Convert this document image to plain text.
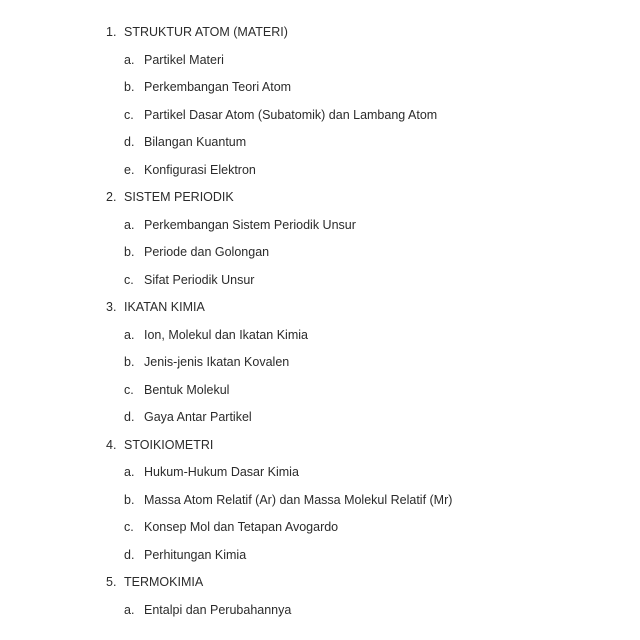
1. STRUKTUR ATOM (MATERI)
a. Partikel Materi
b. Perkembangan Teori Atom
c. Partikel Dasar Atom (Subatomik) dan Lambang Atom
d. Bilangan Kuantum
e. Konfigurasi Elektron
2. SISTEM PERIODIK
a. Perkembangan Sistem Periodik Unsur
b. Periode dan Golongan
c. Sifat Periodik Unsur
3. IKATAN KIMIA
a. Ion, Molekul dan Ikatan Kimia
b. Jenis-jenis Ikatan Kovalen
c. Bentuk Molekul
d. Gaya Antar Partikel
4. STOIKIOMETRI
a. Hukum-Hukum Dasar Kimia
b. Massa Atom Relatif (Ar) dan Massa Molekul Relatif (Mr)
c. Konsep Mol dan Tetapan Avogardo
d. Perhitungan Kimia
5. TERMOKIMIA
a. Entalpi dan Perubahannya
